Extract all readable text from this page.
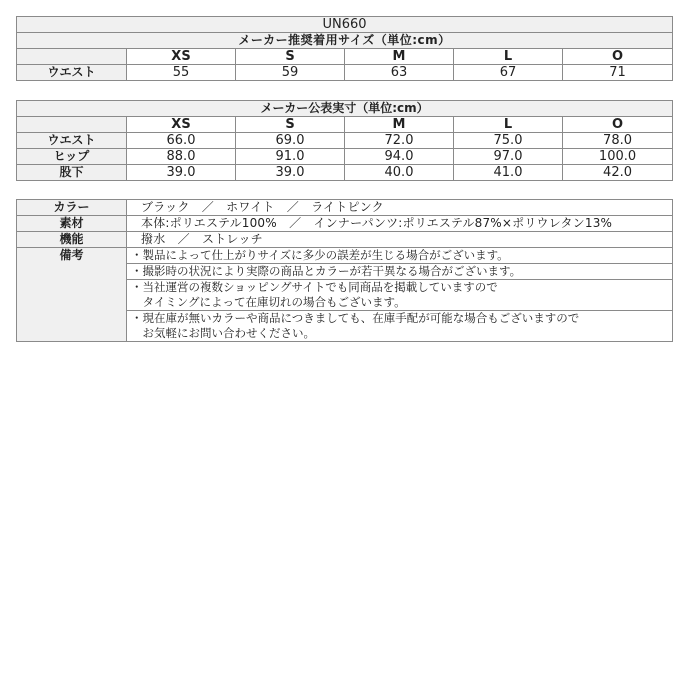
UN660					
メーカー推奨着用サイズ（単位:cm）					
	XS	S	M	L	O
ウエスト	55	59	63	67	71
メーカー公表実寸（単位:cm）					
	XS	S	M	L	O
ウエスト	66.0	69.0	72.0	75.0	78.0
ヒップ	88.0	91.0	94.0	97.0	100.0
股下	39.0	39.0	40.0	41.0	42.0
カラー	ブラック　／　ホワイト　／　ライトピンク
素材	本体:ポリエステル100%　／　インナーパンツ:ポリエステル87%×ポリウレタン13%
機能	撥水　／　ストレッチ
備考	・製品によって仕上がりサイズに多少の誤差が生じる場合がございます。

	・撮影時の状況により実際の商品とカラーが若干異なる場合がございます。

	・当社運営の複数ショッピングサイトでも同商品を掲載していますので
　タイミングによって在庫切れの場合もございます。

	・現在庫が無いカラーや商品につきましても、在庫手配が可能な場合もございますので
　お気軽にお問い合わせください。
